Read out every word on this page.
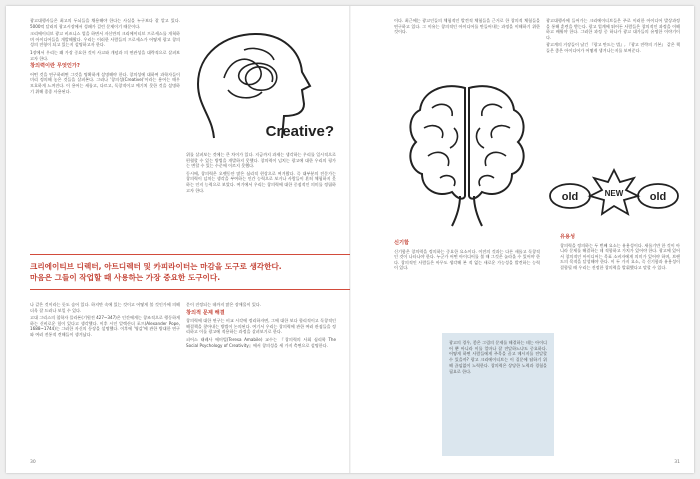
광고대행사들은 최고의 두뇌들을 채용해야 한다는 사실을 누구보다 잘 알고 있다. 5000억 달러의 광고시장에서 성패가 걸린 문제이기 때문이다.

크리에이티브 광고 비즈니스 업을 하면서 자신만의 크리에이티브 프로세스를 개척하며 아이디어들을 개발해왔다. 우리는 이러한 사람들의 프로세스가 어떻게 광고 창의성의 전형이 되고 있는지 설명하고자 한다.

1장에서 우리는 왜 가장 중요한 것이 사고와 개념과 의 연관성을 대략적으로 살펴보고자 한다.

창의력이란 무엇인가?

어떤 것을 연구하려면 그것을 명확하게 설명해야 한다. 창의성에 대하여 과학자들이 미리 정의해 놓은 것들을 살펴본다. 그러나 '창의성(Creative)'이라는 용어는 매우 모호하게 느껴진다. 이 용어는 새롭고, 다르고, 독창적이고 예기치 못한 것을 설명하기 위해 종종 사용된다.

Creative?

위를 살펴보는 것에는 큰 차이가 있다. 지금까지 과제는 생각하는 우리를 일시적으로 편협할 수 있는 방법을 개발하지 못했다. 창의력이 넘치는 광고에 대한 우리의 평가는 변할 수 있는 수준에 이르지 못했다.

동시에, 창의력은 오랫동안 많은 심리적 현상으로 여겨왔다. 즉 대부분의 전문가는 창의력이 넘치는 생각을 부여하는 인간 능력으로 보거나 사람들이 흔히 체험하지 못하는 인지 능력으로 보았다. 여기에서 우리는 창의력에 대한 중점적인 의미를 정립하고자 한다.

크리에이티브 디렉터, 아트디렉터 및 카피라이터는 마감을 도구로 생각한다.
마음은 그들이 작업할 때 사용하는 가장 중요한 도구이다.

나 같은 것이라는 듯도 숨어 있다. 하지만 속에 있는 것이고 어떻게 볼 것인가에 의해 더욱 잘 드러나 보일 수 있다.

고대 그리스의 철학자 플라톤(기원전 427~347)은 인간에게는 창조적으로 행동하게 하는 신비로운 힘이 있다고 생각했다. 이후 시인 알렉산더 포프(Alexander Pope, 1688~1744)는 그러한 자신의 등장을 설명했다. 이후에 '영감'에 관한 방대한 연구와 여러 전통적 견해들이 생겨났다.

문이 진정되는 데까지 많은 장애물이 있다.

창의적 문제 해결

창의력에 대한 연구는 비교 시각에 정리하자면, 그에 대한 보다 합리적이고 독창적인 해결책을 찾아내는 방법이 논의된다. 여기서 우리는 창의력에 관한 여러 관점들을 정리하고 이를 광고에 적용하는 과정을 살펴보기로 한다.

피어스 태레사 에머빌(Teresa Amabile) 교수는 『창의력의 사회 심리학 The Social Psychology of Creativity』에서 창의성을 세 가지 측면으로 설명한다.

30

이다. 최근에는 광고인들의 체험적인 발견적 체험들을 근거로 한 창의적 체험들을 연구하고 있다. 그 이유는 창의적인 아이디어를 만들어내는 과정을 이해하기 위한 것이다.

신기함

신기함은 창의력을 정의하는 중요한 요소이다. 이전의 것과는 다른 새롭고 독창적인 것이 나타나야 한다. 누군가 어떤 아이디어를 볼 때 그것은 놀라울 수 있어야 한다. 창의적인 사람들은 아무도 생각해 본 적 없는 새로운 가능성을 발견하는 능력이 있다.

광고의 경우, 좋은 그림의 문제를 해결하는 데는 아이디어 뿐 아니라 이를 얼마나 잘 전달하느냐도 중요하다. 어떻게 하면 사람들에게 주목을 끌고 메시지를 전달할 수 있을까? 광고 크리에이티브는 이 질문에 답하기 위해 끊임없이 노력한다. 창의력은 상당한 노력과 경험을 필요로 한다.

광고대행사에 들어가는 크리에이티브들은 주로 이러한 아이디어 발상과정을 통해 훈련을 받는다. 광고 업계에 뛰어든 사람들은 창의적인 과정을 이해하고 배워야 한다. 그러한 과정 중 하나가 광고 대가들의 유명한 이야기이다.

광고계의 거장들이 남긴 『광고 만드는 법』, 『광고 전략의 기본』 같은 책들은 좋은 아이디어가 어떻게 생겨나는지를 보여준다.

old	NEW old
유용성

창의력을 정의하는 두 번째 요소는 유용성이다. 새롭기만 한 것이 아니라 문제를 해결하는 데 적합하고 가치가 있어야 한다. 광고에 있어서 창의적인 아이디어는 목표 소비자에게 의미가 있어야 하며, 브랜드의 목적을 달성해야 한다. 이 두 가지 요소, 즉 신기함과 유용성이 결합될 때 우리는 진정한 창의력을 발휘했다고 말할 수 있다.

31
